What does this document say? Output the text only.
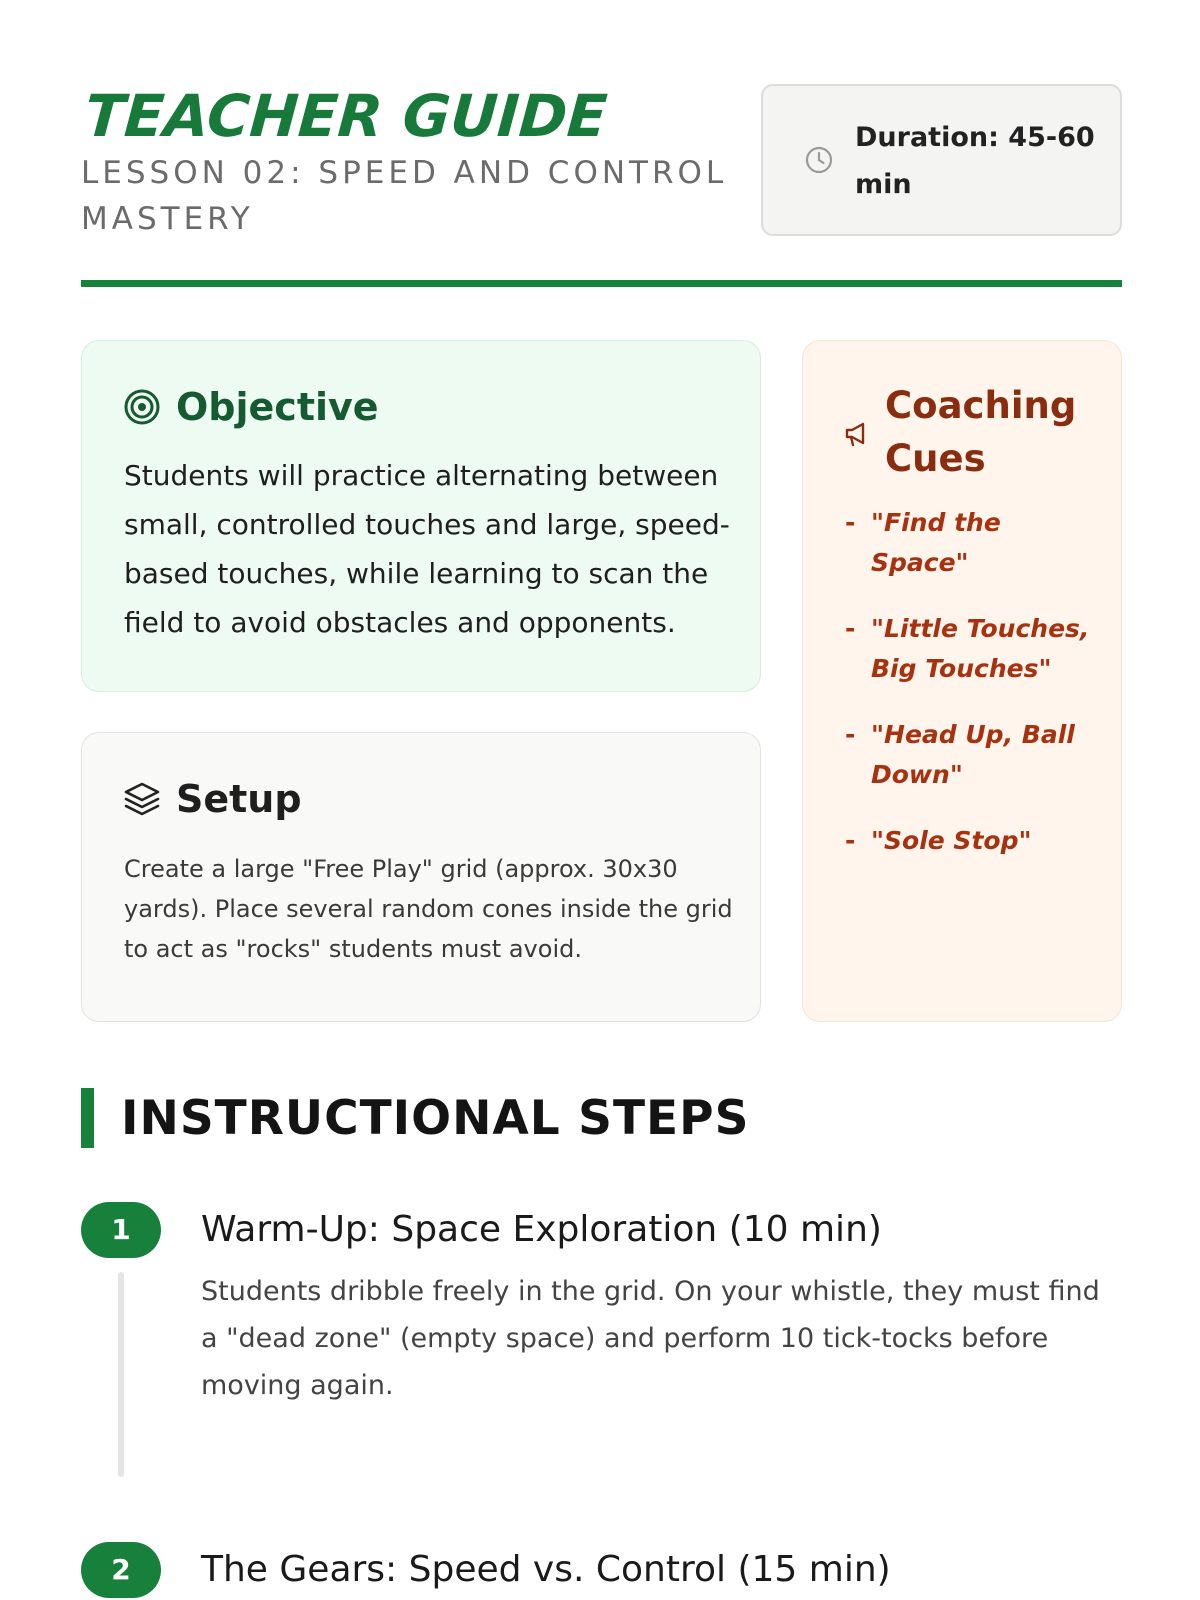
TEACHER GUIDE
LESSON 02: SPEED AND CONTROL MASTERY
Duration: 45-60 min
Objective
Students will practice alternating between small, controlled touches and large, speed-based touches, while learning to scan the field to avoid obstacles and opponents.
Setup
Create a large "Free Play" grid (approx. 30x30 yards). Place several random cones inside the grid to act as "rocks" students must avoid.
Coaching Cues
- "Find the Space"
- "Little Touches, Big Touches"
- "Head Up, Ball Down"
- "Sole Stop"
INSTRUCTIONAL STEPS
1	Warm-Up: Space Exploration (10 min)
Students dribble freely in the grid. On your whistle, they must find a "dead zone" (empty space) and perform 10 tick-tocks before moving again.
2	The Gears: Speed vs. Control (15 min)
